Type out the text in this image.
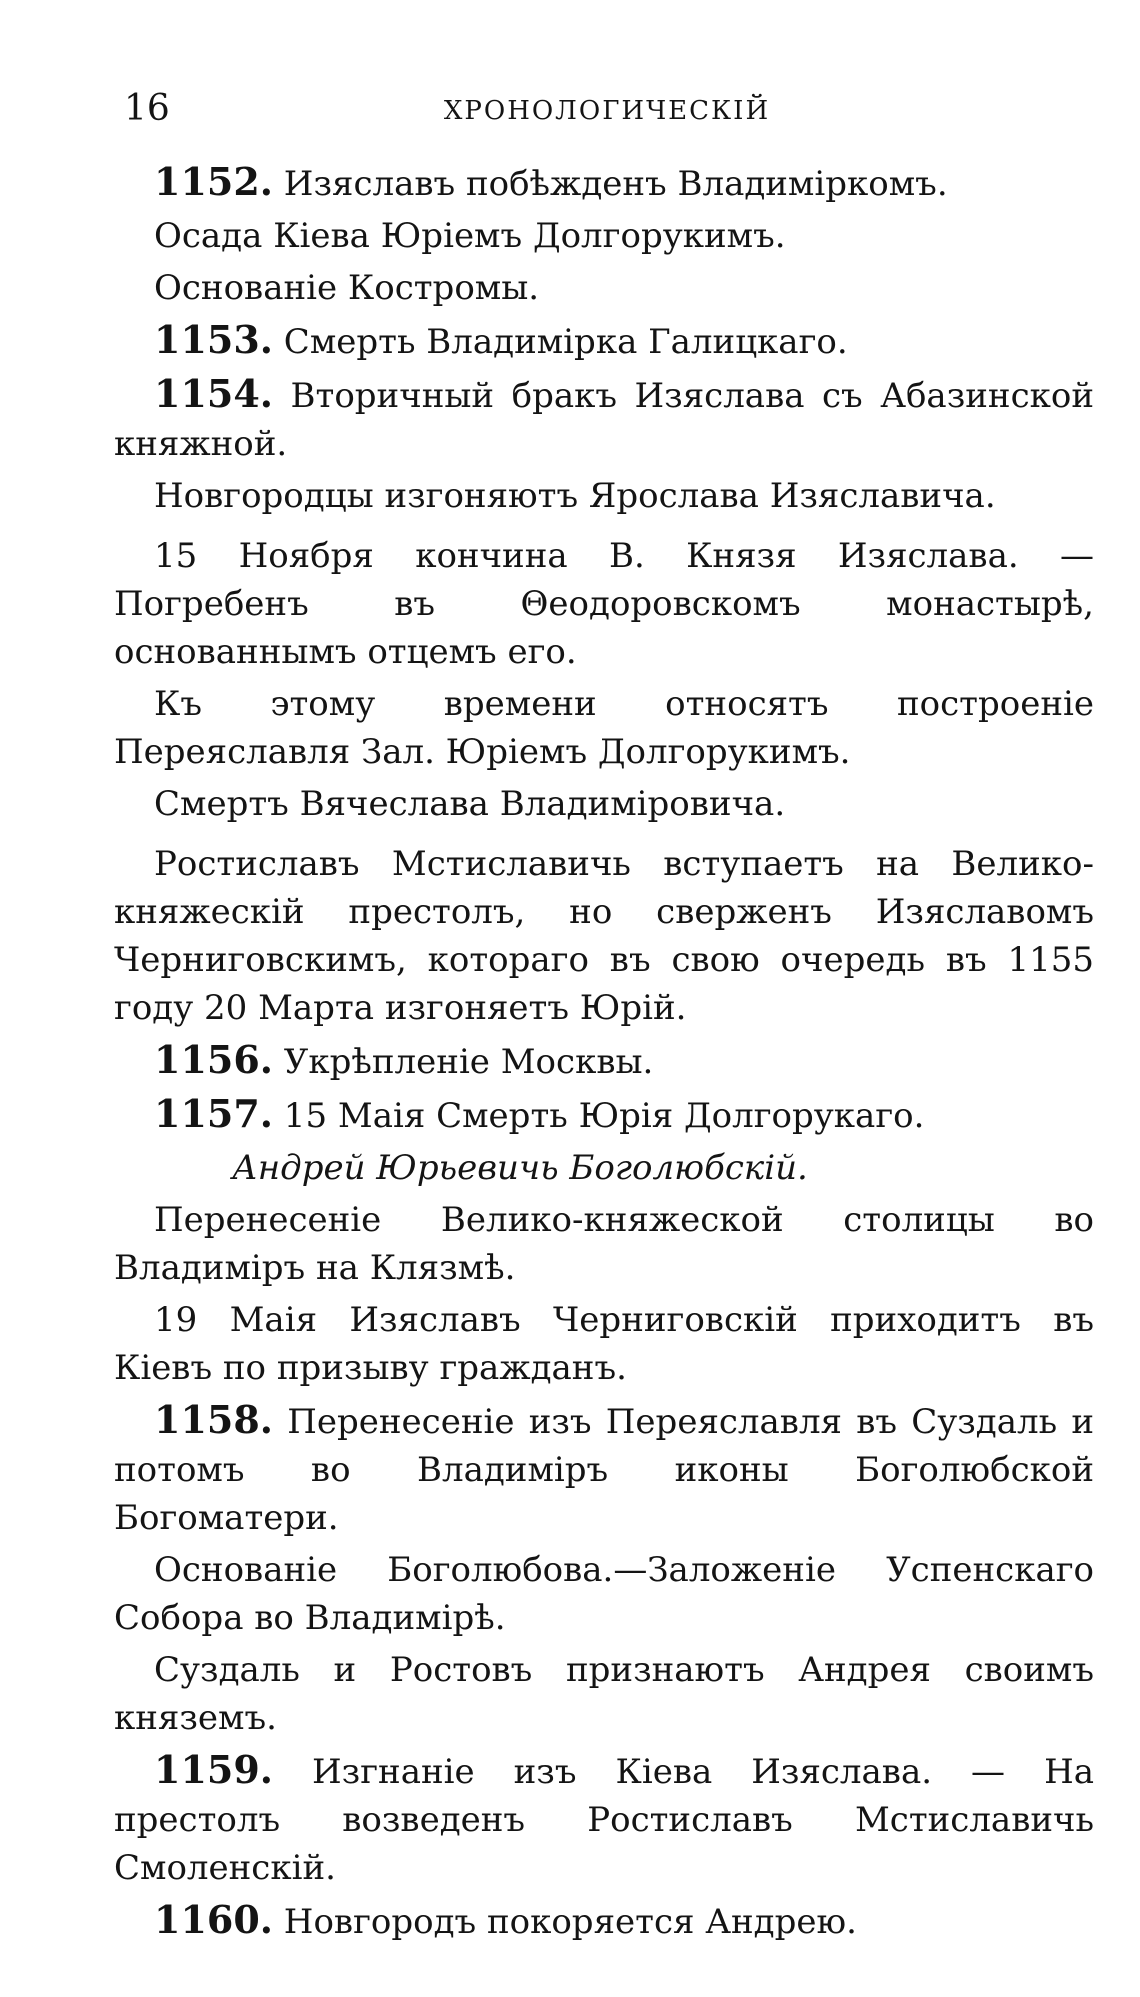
16	ХРОНОЛОГИЧЕСКІЙ

1152. Изяславъ побѣжденъ Владимiркомъ.

Осада Кіева Юріемъ Долгорукимъ.

Основаніе Костромы.

1153. Смерть Владимірка Галицкаго.

1154. Вторичный бракъ Изяслава съ Абазинской княжной.

Новгородцы изгоняютъ Ярослава Изяславича.

15 Ноября кончина В. Князя Изяслава. — Погребенъ въ Θеодоровскомъ монастырѣ, основаннымъ отцемъ его.

Къ этому времени относятъ построеніе Переяславля Зал. Юріемъ Долгорукимъ.

Смертъ Вячеслава Владиміровича.

Ростиславъ Мстиславичь вступаетъ на Велико-княжескій престолъ, но сверженъ Изяславомъ Черниговскимъ, котораго въ свою очередь въ 1155 году 20 Марта изгоняетъ Юрій.

1156. Укрѣпленіе Москвы.

1157. 15 Маія Смерть Юрія Долгорукаго.

Андрей Юрьевичь Боголюбскій.

Перенесеніе Велико-княжеской столицы во Владимiръ на Клязмѣ.

19 Маія Изяславъ Черниговскій приходитъ въ Кіевъ по призыву гражданъ.

1158. Перенесеніе изъ Переяславля въ Суздаль и потомъ во Владимiръ иконы Боголюбской Богоматери.

Основаніе Боголюбова.—Заложеніе Успенскаго Собора во Владимiрѣ.

Суздаль и Ростовъ признаютъ Андрея своимъ княземъ.

1159. Изгнаніе изъ Кіева Изяслава. — На престолъ возведенъ Ростиславъ Мстиславичь Смоленскій.

1160. Новгородъ покоряется Андрею.
